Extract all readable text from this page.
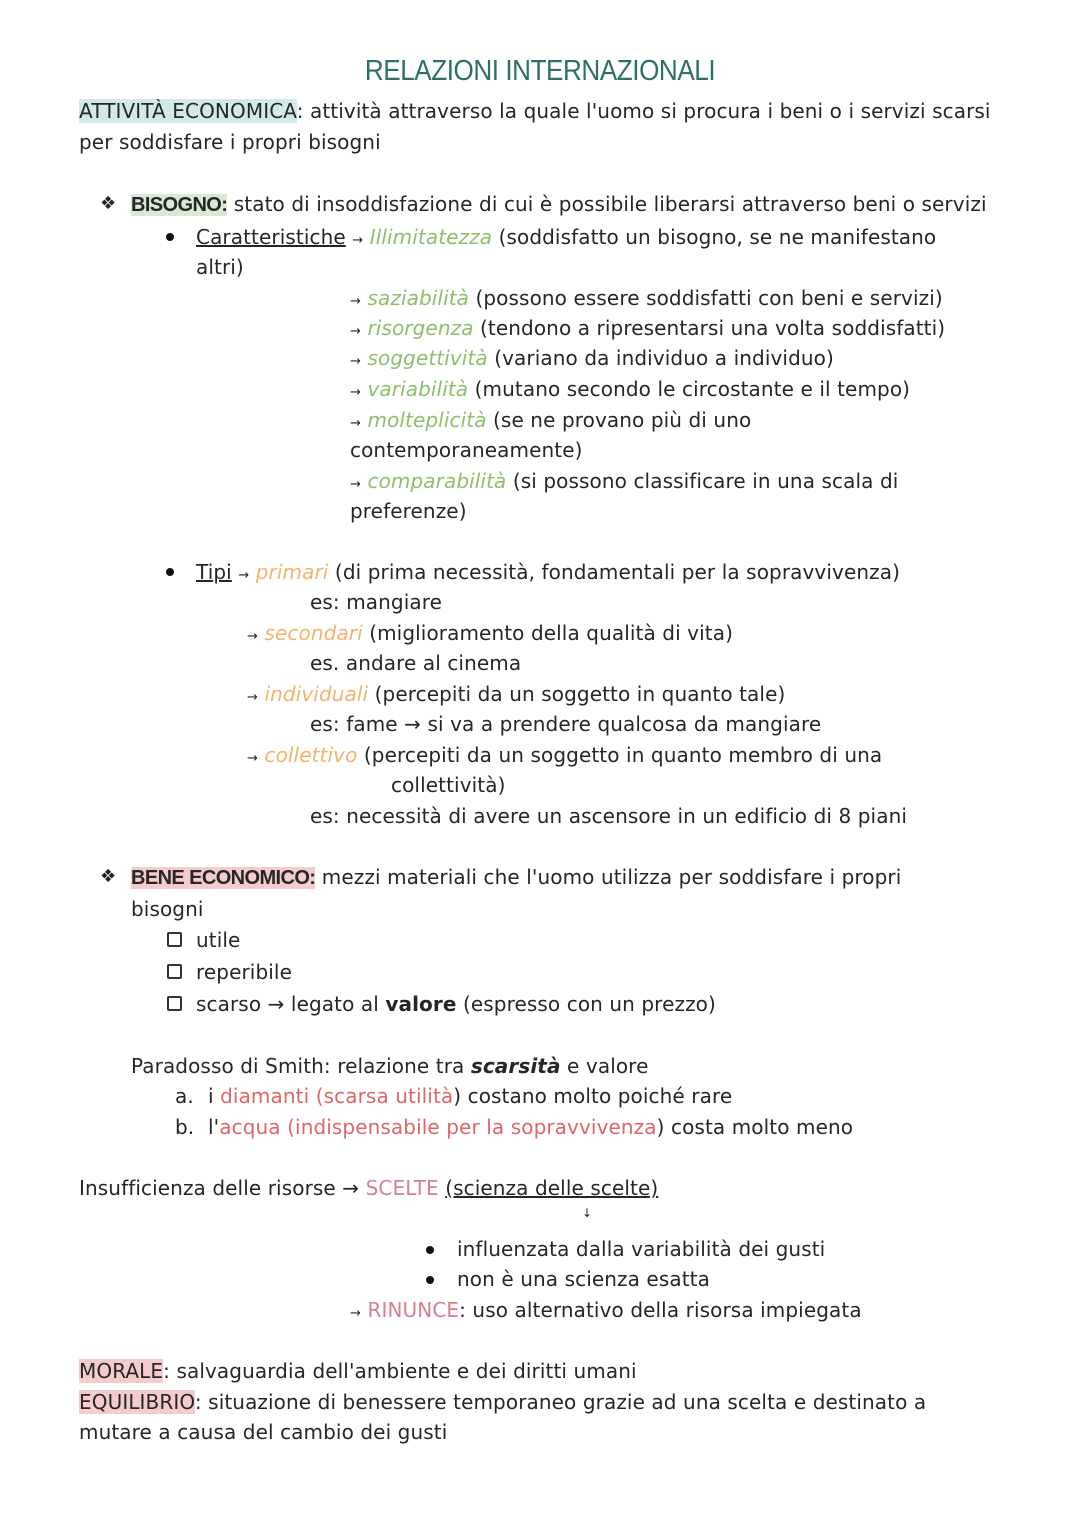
RELAZIONI INTERNAZIONALI
ATTIVITÀ ECONOMICA: attività attraverso la quale l'uomo si procura i beni o i servizi scarsi
per soddisfare i propri bisogni
❖ BISOGNO: stato di insoddisfazione di cui è possibile liberarsi attraverso beni o servizi
Caratteristiche → Illimitatezza (soddisfatto un bisogno, se ne manifestano
altri)
→ saziabilità (possono essere soddisfatti con beni e servizi)
→ risorgenza (tendono a ripresentarsi una volta soddisfatti)
→ soggettività (variano da individuo a individuo)
→ variabilità (mutano secondo le circostante e il tempo)
→ molteplicità (se ne provano più di uno
contemporaneamente)
→ comparabilità (si possono classificare in una scala di
preferenze)
Tipi → primari (di prima necessità, fondamentali per la sopravvivenza)
es: mangiare
→ secondari (miglioramento della qualità di vita)
es. andare al cinema
→ individuali (percepiti da un soggetto in quanto tale)
es: fame → si va a prendere qualcosa da mangiare
→ collettivo (percepiti da un soggetto in quanto membro di una
collettività)
es: necessità di avere un ascensore in un edificio di 8 piani
❖ BENE ECONOMICO: mezzi materiali che l'uomo utilizza per soddisfare i propri
bisogni
utile
reperibile
scarso → legato al valore (espresso con un prezzo)
Paradosso di Smith: relazione tra scarsità e valore
a. i diamanti (scarsa utilità) costano molto poiché rare
b. l'acqua (indispensabile per la sopravvivenza) costa molto meno
Insufficienza delle risorse → SCELTE (scienza delle scelte)
↓
influenzata dalla variabilità dei gusti
non è una scienza esatta
→ RINUNCE: uso alternativo della risorsa impiegata
MORALE: salvaguardia dell'ambiente e dei diritti umani
EQUILIBRIO: situazione di benessere temporaneo grazie ad una scelta e destinato a
mutare a causa del cambio dei gusti
